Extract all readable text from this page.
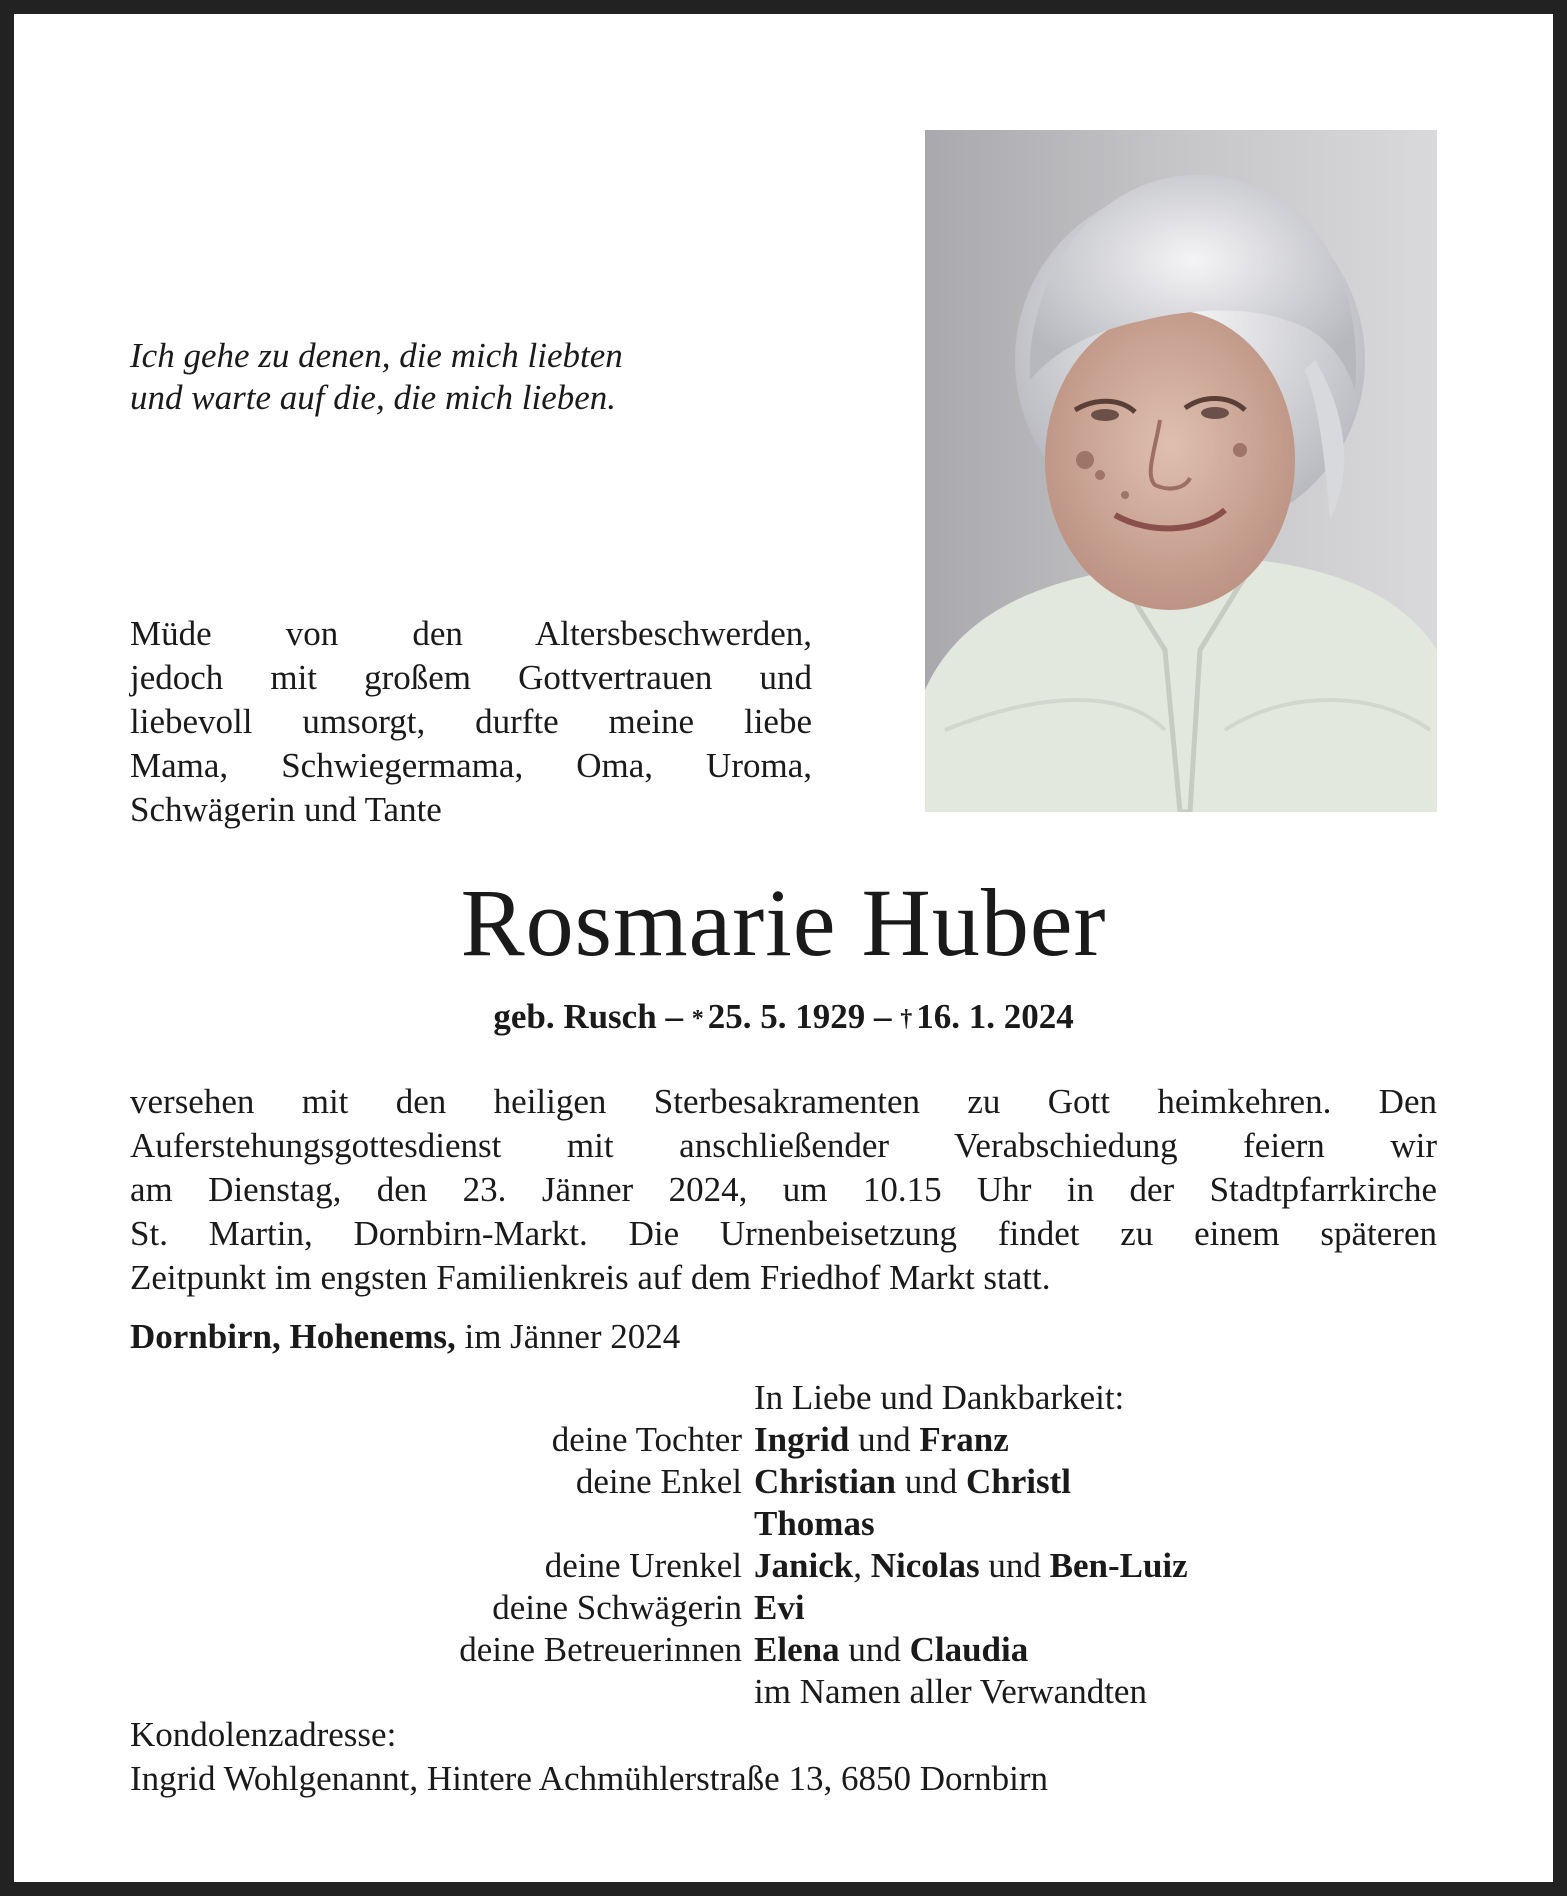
Ich gehe zu denen, die mich liebten
und warte auf die, die mich lieben.
Müde von den Altersbeschwerden,
jedoch mit großem Gottvertrauen und
liebevoll umsorgt, durfte meine liebe
Mama, Schwiegermama, Oma, Uroma,
Schwägerin und Tante
Rosmarie Huber
geb. Rusch – * 25. 5. 1929 – † 16. 1. 2024
versehen mit den heiligen Sterbesakramenten zu Gott heimkehren. Den
Auferstehungsgottesdienst mit anschließender Verabschiedung feiern wir
am Dienstag, den 23. Jänner 2024, um 10.15 Uhr in der Stadtpfarrkirche
St. Martin, Dornbirn-Markt. Die Urnenbeisetzung findet zu einem späteren
Zeitpunkt im engsten Familienkreis auf dem Friedhof Markt statt.
Dornbirn, Hohenems, im Jänner 2024
In Liebe und Dankbarkeit:
deine Tochter Ingrid und Franz
deine Enkel Christian und Christl
Thomas
deine Urenkel Janick, Nicolas und Ben-Luiz
deine Schwägerin Evi
deine Betreuerinnen Elena und Claudia
im Namen aller Verwandten
Kondolenzadresse:
Ingrid Wohlgenannt, Hintere Achmühlerstraße 13, 6850 Dornbirn
